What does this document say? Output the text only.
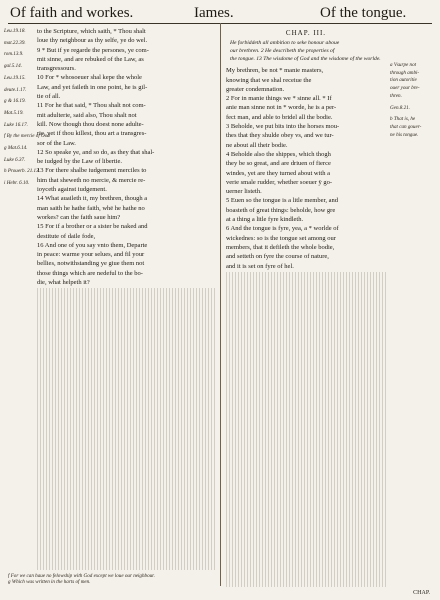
Of faith and workes.	Iames.	Of the tongue.

Leu.19.18.

mat.22.39.

rom.13.9.

gal.5.14.

Leu.19.15.

deute.1.17.

g & 16.19.

Mat.5.19.

Luke 16.17.

f By the mercie of God

g Mat.6.14.

Luke 6.37.

h Prouerb. 21.13.

i Hebr. 6.10.

to the Scripture, which saith, * Thou shalt

loue thy neighbour as thy selfe, ye do wel.

9 * But if ye regarde the persones, ye com-

mit sinne, and are rebuked of the Law, as

transgressours.

10 For * whosoeuer shal kepe the whole

Law, and yet faileth in one point, he is gil-

tie of all.

11 For he that said, * Thou shalt not com-

mit adulterie, said also, Thou shalt not

kill. Now though thou doest none adulte-

rie, yet if thou killest, thou art a transgres-

sor of the Law.

12 So speake ye, and so do, as they that shal-

be iudged by the Law of libertie.

13 For there shalbe iudgement merciles to

him that sheweth no mercie, & mercie re-

ioyceth against iudgement.

14 What auaileth it, my brethren, though a

man saith he hathe faith, whē he hathe no

workes? can the faith saue him?

15 For if a brother or a sister be naked and

destitute of daile fode,

16 And one of you say vnto them, Departe

in peace: warme your selues, and fil your

bellies, notwithstanding ye giue them not

those things which are nedeful to the bo-

die, what helpeth it?

CHAP. III.

He forbiddeth all ambition to seke honour aboue

our brethren. 2 He describeth the properties of

the tongue. 13 The wisdome of God and the wisdome of the worlde.

My brethren, be not * manie masters,

knowing that we shal receiue the

greater condemnation.

2 For in manie things we * sinne all. * If

anie man sinne not in * worde, he is a per-

fect man, and able to bridel all the bodie.

3 Beholde, we put bits into the horses mou-

thes that they shulde obey vs, and we tur-

ne about all their bodie.

4 Beholde also the shippes, which thogh

they be so great, and are driuen of fierce

windes, yet are they turned about with a

verie smale rudder, whether soeuer ÿ go-

uerner listeth.

5 Euen so the tongue is a litle member, and

boasteth of great things: beholde, how gre

at a thing a litle fyre kindleth.

6 And the tongue is fyre, yea, a * worlde of

wickednes: so is the tongue set among our

members, that it defileth the whole bodie,

and setteth on fyre the course of nature,

and it is set on fyre of hel.

a Vsurpe not

through ambi-

tion autoritie

ouer your bre-

thren.

Gen.8.21.

b That is, he

that can gouer-

ne his tongue.

f For we can haue no felowship with God except we loue our neighbour.

g Which was written in the harts of men.

CHAP.
